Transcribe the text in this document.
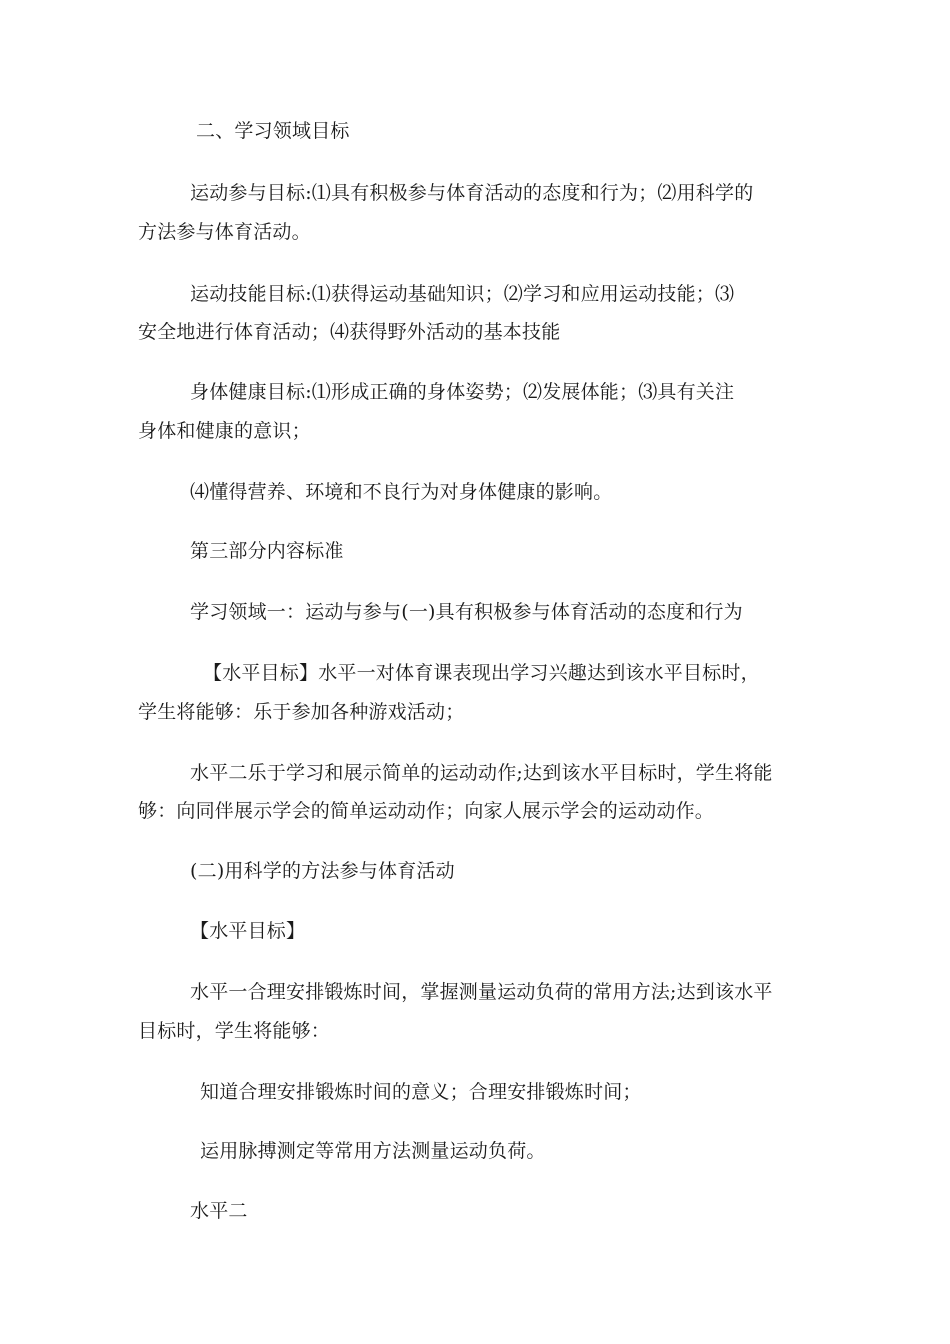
二、学习领域目标
运动参与目标:⑴具有积极参与体育活动的态度和行为；⑵用科学的
方法参与体育活动。
运动技能目标:⑴获得运动基础知识；⑵学习和应用运动技能；⑶
安全地进行体育活动；⑷获得野外活动的基本技能
身体健康目标:⑴形成正确的身体姿势；⑵发展体能；⑶具有关注
身体和健康的意识；
⑷懂得营养、环境和不良行为对身体健康的影响。
第三部分内容标准
学习领域一：运动与参与(一)具有积极参与体育活动的态度和行为
【水平目标】水平一对体育课表现出学习兴趣达到该水平目标时，
学生将能够：乐于参加各种游戏活动；
水平二乐于学习和展示简单的运动动作;达到该水平目标时，学生将能
够：向同伴展示学会的简单运动动作；向家人展示学会的运动动作。
(二)用科学的方法参与体育活动
【水平目标】
水平一合理安排锻炼时间，掌握测量运动负荷的常用方法;达到该水平
目标时，学生将能够：
知道合理安排锻炼时间的意义；合理安排锻炼时间；
运用脉搏测定等常用方法测量运动负荷。
水平二
